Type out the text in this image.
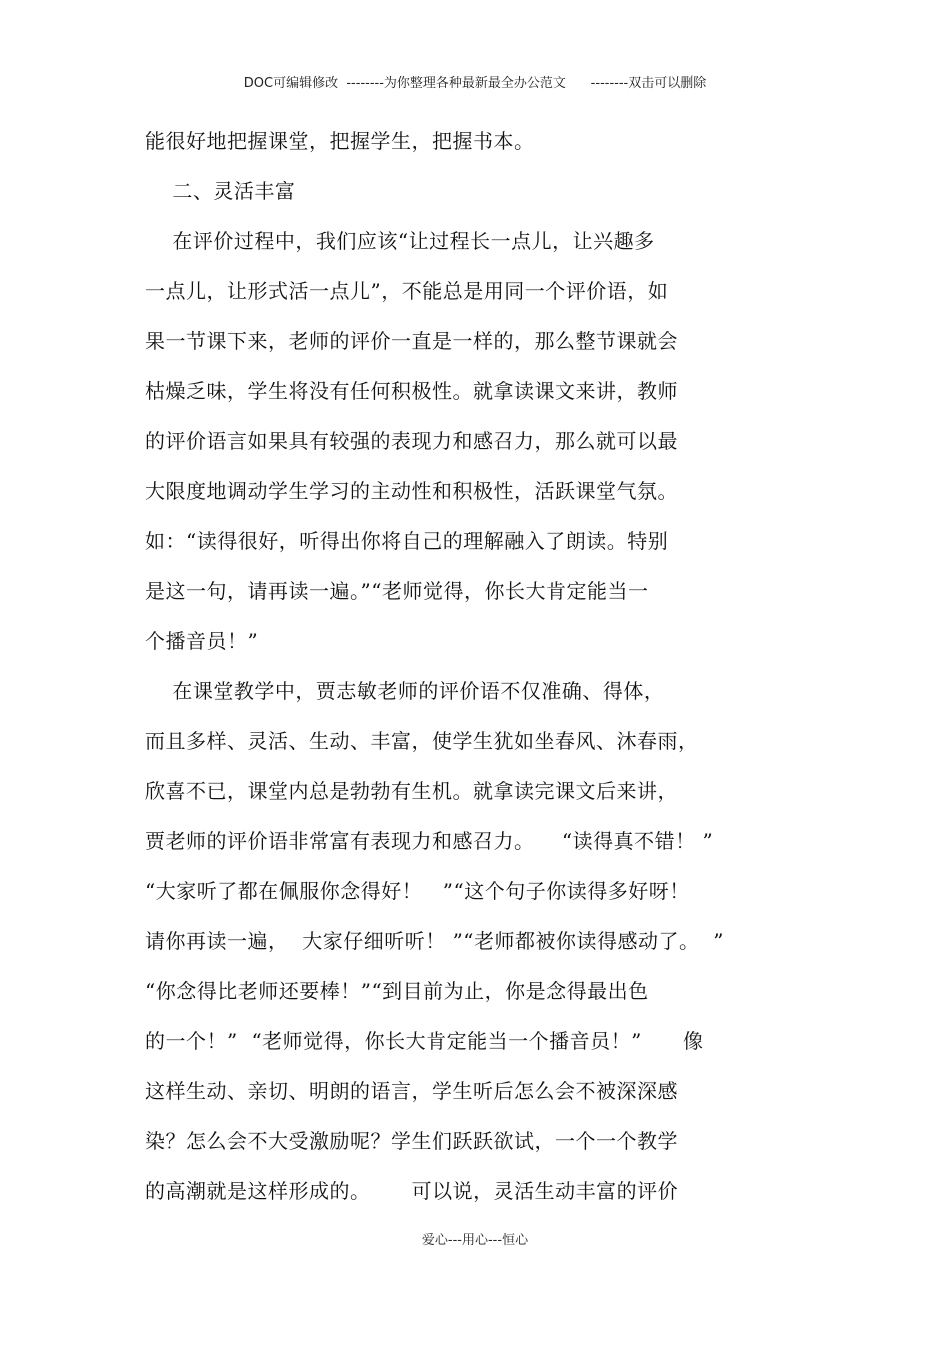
DOC可编辑修改  --------为你整理各种最新最全办公范文      --------双击可以删除
能很好地把握课堂，把握学生，把握书本。
二、灵活丰富
在评价过程中，我们应该“让过程长一点儿，让兴趣多
一点儿，让形式活一点儿”，不能总是用同一个评价语，如
果一节课下来，老师的评价一直是一样的，那么整节课就会
枯燥乏味，学生将没有任何积极性。就拿读课文来讲，教师
的评价语言如果具有较强的表现力和感召力，那么就可以最
大限度地调动学生学习的主动性和积极性，活跃课堂气氛。
如：“读得很好，听得出你将自己的理解融入了朗读。特别
是这一句，请再读一遍。”“老师觉得，你长大肯定能当一
个播音员！”
在课堂教学中，贾志敏老师的评价语不仅准确、得体，
而且多样、灵活、生动、丰富，使学生犹如坐春风、沐春雨，
欣喜不已，课堂内总是勃勃有生机。就拿读完课文后来讲，
贾老师的评价语非常富有表现力和感召力。    “读得真不错！ ”
“大家听了都在佩服你念得好！   ”“这个句子你读得多好呀！
请你再读一遍，  大家仔细听听！ ”“老师都被你读得感动了。  ”
“你念得比老师还要棒！”“到目前为止，你是念得最出色
的一个！”  “老师觉得，你长大肯定能当一个播音员！”      像
这样生动、亲切、明朗的语言，学生听后怎么会不被深深感
染？怎么会不大受激励呢？学生们跃跃欲试，一个一个教学
的高潮就是这样形成的。      可以说，灵活生动丰富的评价
爱心---用心---恒心
